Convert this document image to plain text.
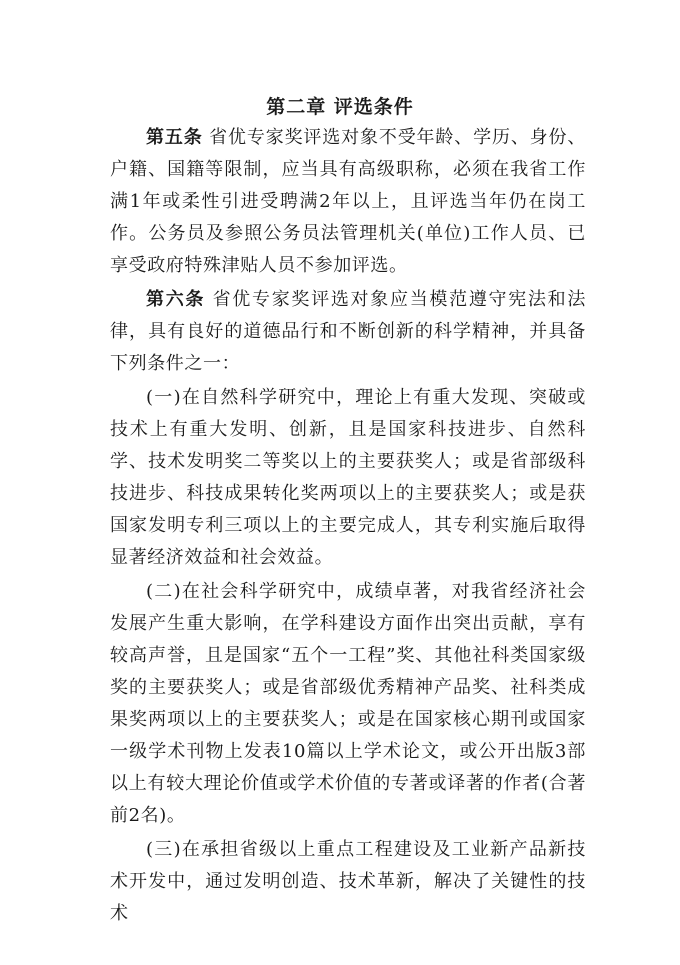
第二章 评选条件

第五条 省优专家奖评选对象不受年龄、学历、身份、户籍、国籍等限制，应当具有高级职称，必须在我省工作满1年或柔性引进受聘满2年以上，且评选当年仍在岗工作。公务员及参照公务员法管理机关(单位)工作人员、已享受政府特殊津贴人员不参加评选。

第六条 省优专家奖评选对象应当模范遵守宪法和法律，具有良好的道德品行和不断创新的科学精神，并具备下列条件之一：

(一)在自然科学研究中，理论上有重大发现、突破或技术上有重大发明、创新，且是国家科技进步、自然科学、技术发明奖二等奖以上的主要获奖人；或是省部级科技进步、科技成果转化奖两项以上的主要获奖人；或是获国家发明专利三项以上的主要完成人，其专利实施后取得显著经济效益和社会效益。

(二)在社会科学研究中，成绩卓著，对我省经济社会发展产生重大影响，在学科建设方面作出突出贡献，享有较高声誉，且是国家“五个一工程”奖、其他社科类国家级奖的主要获奖人；或是省部级优秀精神产品奖、社科类成果奖两项以上的主要获奖人；或是在国家核心期刊或国家一级学术刊物上发表10篇以上学术论文，或公开出版3部以上有较大理论价值或学术价值的专著或译著的作者(合著前2名)。

(三)在承担省级以上重点工程建设及工业新产品新技术开发中，通过发明创造、技术革新，解决了关键性的技术
